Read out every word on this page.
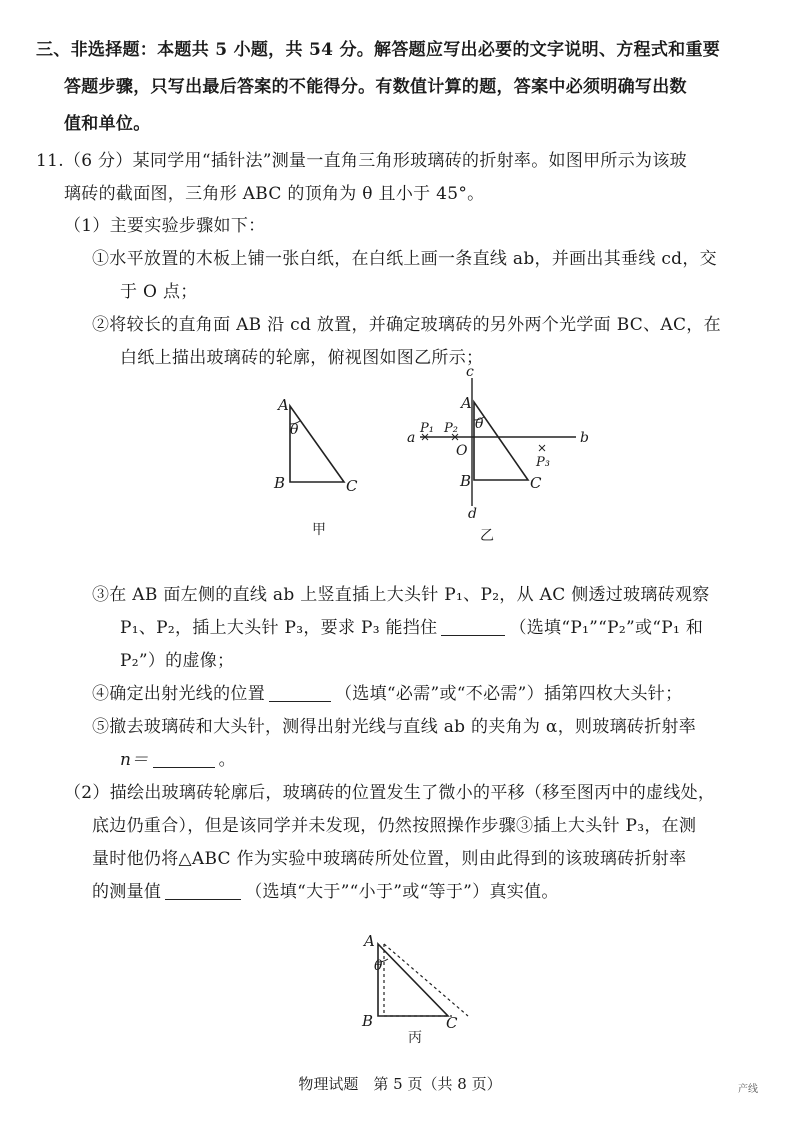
三、非选择题：本题共 5 小题，共 54 分。解答题应写出必要的文字说明、方程式和重要
答题步骤，只写出最后答案的不能得分。有数值计算的题，答案中必须明确写出数
值和单位。
11.（6 分）某同学用“插针法”测量一直角三角形玻璃砖的折射率。如图甲所示为该玻
璃砖的截面图，三角形 ABC 的顶角为 θ 且小于 45°。
（1）主要实验步骤如下：
①水平放置的木板上铺一张白纸，在白纸上画一条直线 ab，并画出其垂线 cd，交
于 O 点；
②将较长的直角面 AB 沿 cd 放置，并确定玻璃砖的另外两个光学面 BC、AC，在
白纸上描出玻璃砖的轮廓，俯视图如图乙所示；
A
θ
B	C
甲
c
A
θ
P₁ P₂
a
O
b
P₃
B	C
d
乙
③在 AB 面左侧的直线 ab 上竖直插上大头针 P₁、P₂，从 AC 侧透过玻璃砖观察
P₁、P₂，插上大头针 P₃，要求 P₃ 能挡住	（选填“P₁”“P₂”或“P₁ 和
P₂”）的虚像；
④确定出射光线的位置	（选填“必需”或“不必需”）插第四枚大头针；
⑤撤去玻璃砖和大头针，测得出射光线与直线 ab 的夹角为 α，则玻璃砖折射率
n＝	。
（2）描绘出玻璃砖轮廓后，玻璃砖的位置发生了微小的平移（移至图丙中的虚线处，
底边仍重合），但是该同学并未发现，仍然按照操作步骤③插上大头针 P₃，在测
量时他仍将△ABC 作为实验中玻璃砖所处位置，则由此得到的该玻璃砖折射率
的测量值	（选填“大于”“小于”或“等于”）真实值。
A
θ
B	C
丙
物理试题　第 5 页（共 8 页）	产线
